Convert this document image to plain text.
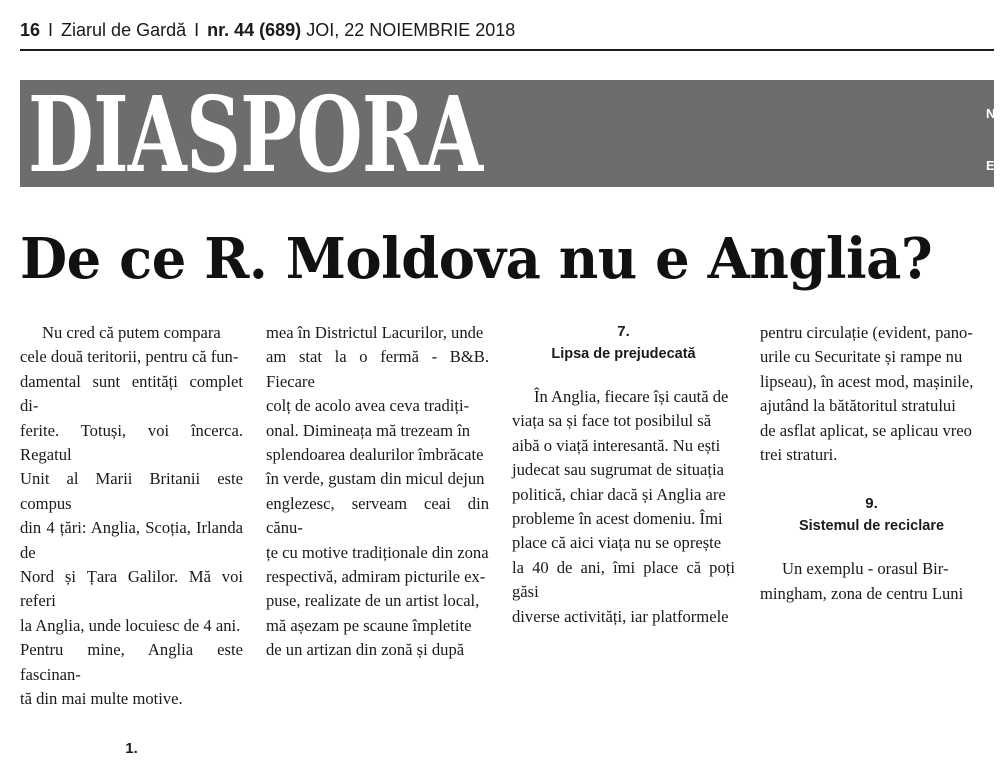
16 I Ziarul de Gardă I nr. 44 (689) JOI, 22 NOIEMBRIE 2018
DIASPORA	N
E
De ce R. Moldova nu e Anglia?

Nu cred că putem compara

cele două teritorii, pentru că fun-

damental sunt entități complet di-

ferite. Totuși, voi încerca. Regatul

Unit al Marii Britanii este compus

din 4 țări: Anglia, Scoția, Irlanda de

Nord și Țara Galilor. Mă voi referi

la Anglia, unde locuiesc de 4 ani.

Pentru mine, Anglia este fascinan-

tă din mai multe motive.

1.

mea în Districtul Lacurilor, unde

am stat la o fermă - B&B. Fiecare

colț de acolo avea ceva tradiți-

onal. Dimineața mă trezeam în

splendoarea dealurilor îmbrăcate

în verde, gustam din micul dejun

englezesc, serveam ceai din cănu-

țe cu motive tradiționale din zona

respectivă, admiram picturile ex-

puse, realizate de un artist local,

mă așezam pe scaune împletite

de un artizan din zonă și după

7.
Lipsa de prejudecată

În Anglia, fiecare își caută de

viața sa și face tot posibilul să

aibă o viață interesantă. Nu ești

judecat sau sugrumat de situația

politică, chiar dacă și Anglia are

probleme în acest domeniu. Îmi

place că aici viața nu se oprește

la 40 de ani, îmi place că poți găsi

diverse activități, iar platformele

pentru circulație (evident, pano-

urile cu Securitate și rampe nu

lipseau), în acest mod, mașinile,

ajutând la bătătoritul stratului

de asflat aplicat, se aplicau vreo

trei straturi.

9.
Sistemul de reciclare

Un exemplu - orasul Bir-

mingham, zona de centru Luni
